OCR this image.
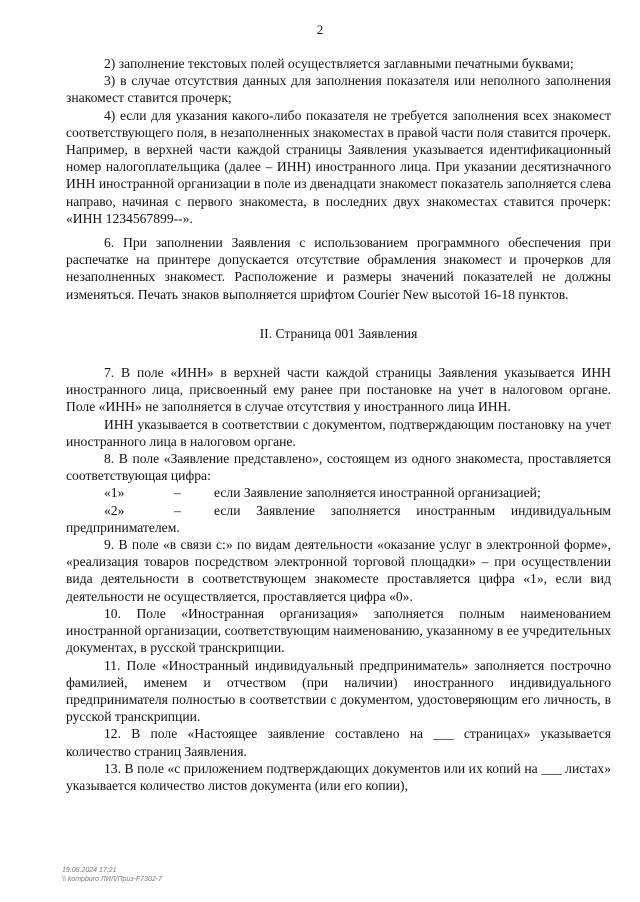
2

2) заполнение текстовых полей осуществляется заглавными печатными буквами;

3) в случае отсутствия данных для заполнения показателя или неполного заполнения знакомест ставится прочерк;

4) если для указания какого-либо показателя не требуется заполнения всех знакомест соответствующего поля, в незаполненных знакоместах в правой части поля ставится прочерк. Например, в верхней части каждой страницы Заявления указывается идентификационный номер налогоплательщика (далее – ИНН) иностранного лица. При указании десятизначного ИНН иностранной организации в поле из двенадцати знакомест показатель заполняется слева направо, начиная с первого знакоместа, в последних двух знакоместах ставится прочерк: «ИНН 1234567899--».

6. При заполнении Заявления с использованием программного обеспечения при распечатке на принтере допускается отсутствие обрамления знакомест и прочерков для незаполненных знакомест. Расположение и размеры значений показателей не должны изменяться. Печать знаков выполняется шрифтом Courier New высотой 16-18 пунктов.

II. Страница 001 Заявления

7. В поле «ИНН» в верхней части каждой страницы Заявления указывается ИНН иностранного лица, присвоенный ему ранее при постановке на учет в налоговом органе. Поле «ИНН» не заполняется в случае отсутствия у иностранного лица ИНН.

ИНН указывается в соответствии с документом, подтверждающим постановку на учет иностранного лица в налоговом органе.

8. В поле «Заявление представлено», состоящем из одного знакоместа, проставляется соответствующая цифра:

«1»	–	если Заявление заполняется иностранной организацией;

«2»	–	если Заявление заполняется иностранным индивидуальным

предпринимателем.

9. В поле «в связи с:» по видам деятельности «оказание услуг в электронной форме», «реализация товаров посредством электронной торговой площадки» – при осуществлении вида деятельности в соответствующем знакоместе проставляется цифра «1», если вид деятельности не осуществляется, проставляется цифра «0».

10. Поле «Иностранная организация» заполняется полным наименованием иностранной организации, соответствующим наименованию, указанному в ее учредительных документах, в русской транскрипции.

11. Поле «Иностранный индивидуальный предприниматель» заполняется построчно фамилией, именем и отчеством (при наличии) иностранного индивидуального предпринимателя полностью в соответствии с документом, удостоверяющим его личность, в русской транскрипции.

12. В поле «Настоящее заявление составлено на ___ страницах» указывается количество страниц Заявления.

13. В поле «с приложением подтверждающих документов или их копий на ___ листах» указывается количество листов документа (или его копии),

19.08.2024 17:21
\\ kompburo ЛИЛ/Приз-F7302-7
